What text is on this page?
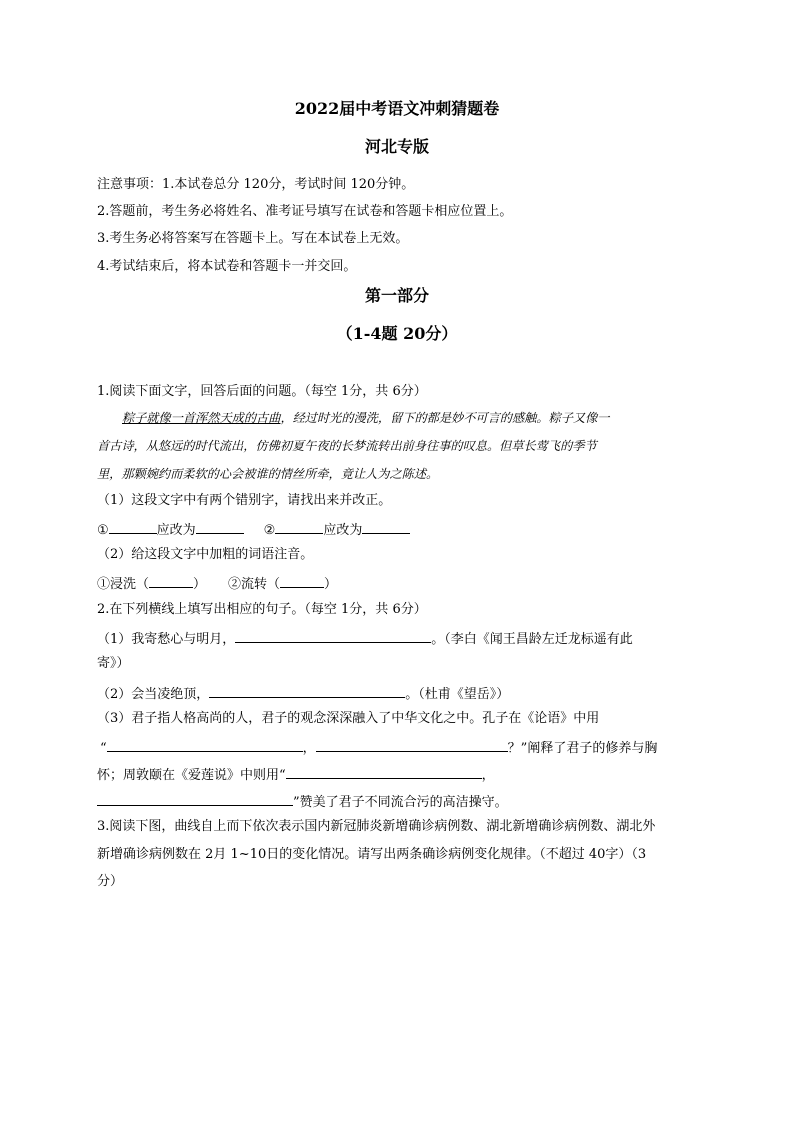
2022届中考语文冲刺猜题卷
河北专版
注意事项：1.本试卷总分 120分，考试时间 120分钟。
2.答题前，考生务必将姓名、准考证号填写在试卷和答题卡相应位置上。
3.考生务必将答案写在答题卡上。写在本试卷上无效。
4.考试结束后，将本试卷和答题卡一并交回。
第一部分
（1-4题 20分）
1.阅读下面文字，回答后面的问题。（每空 1分，共 6分）
粽子就像一首浑然天成的古曲，经过时光的漫洗，留下的都是妙不可言的感触。粽子又像一
首古诗，从悠远的时代流出，仿佛初夏午夜的长梦流转出前身往事的叹息。但草长莺飞的季节
里，那颗婉约而柔软的心会被谁的情丝所牵，竟让人为之陈述。
（1）这段文字中有两个错别字，请找出来并改正。
①	应改为	②	应改为
（2）给这段文字中加粗的词语注音。
①浸洗（	） ②流转（	）
2.在下列横线上填写出相应的句子。（每空 1分，共 6分）
（1）我寄愁心与明月，	。（李白《闻王昌龄左迁龙标遥有此
寄》）
（2）会当凌绝顶，	。（杜甫《望岳》）
（3）君子指人格高尚的人，君子的观念深深融入了中华文化之中。孔子在《论语》中用
“	，	？”阐释了君子的修养与胸
怀；周敦颐在《爱莲说》中则用“	，
”赞美了君子不同流合污的高洁操守。
3.阅读下图，曲线自上而下依次表示国内新冠肺炎新增确诊病例数、湖北新增确诊病例数、湖北外
新增确诊病例数在 2月 1~10日的变化情况。请写出两条确诊病例变化规律。（不超过 40字）（3
分）
